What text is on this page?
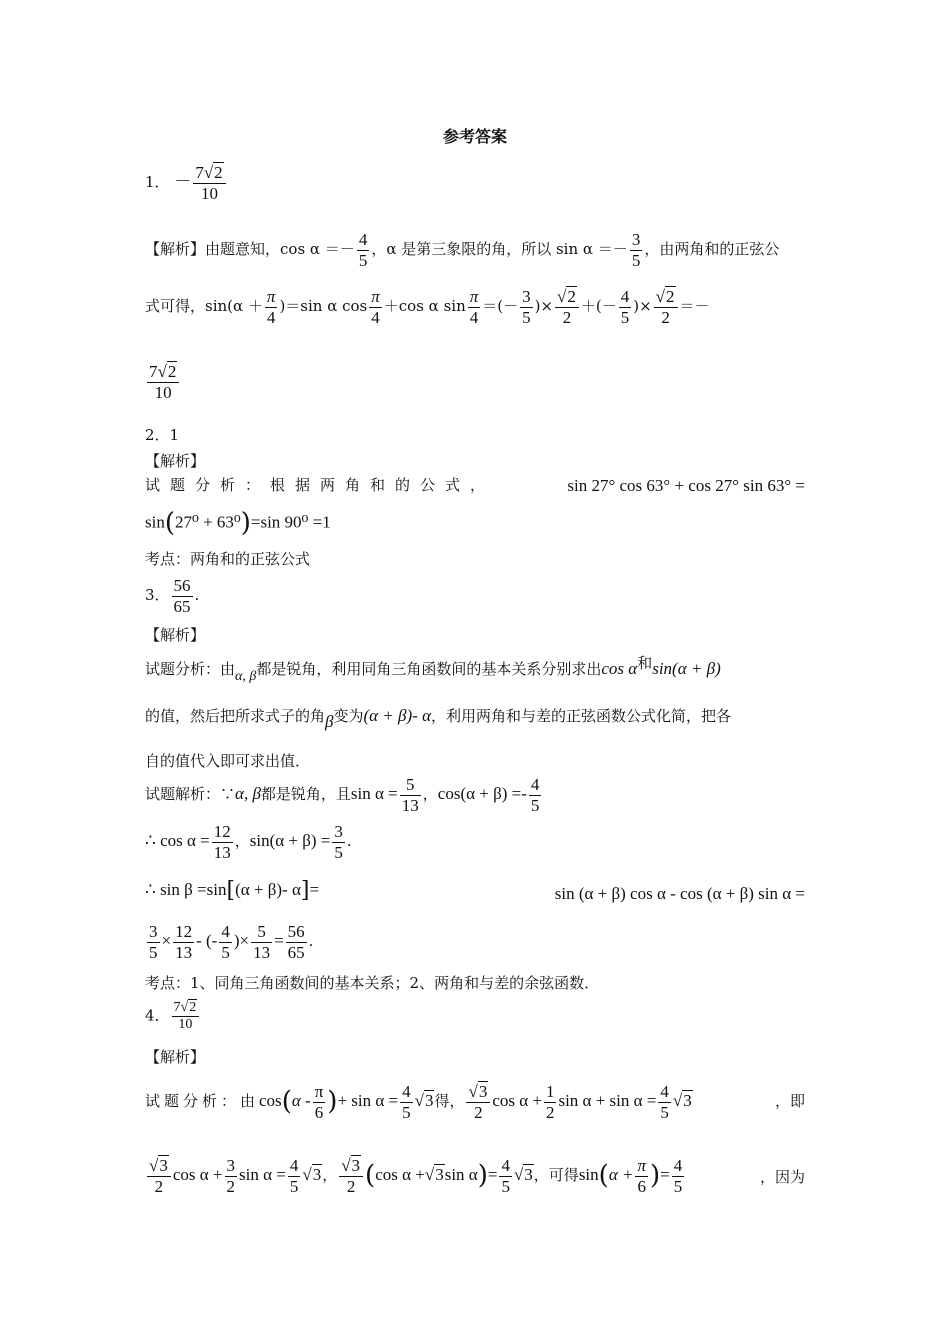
参考答案
1． － $\frac{7√2}{10}$
【解析】由题意知，$\cos \alpha =- \frac{4}{5}$ ，α 是第三象限的角，所以 $\sin \alpha =- \frac{3}{5}$ ，由两角和的正弦公
式可得，$\sin(\alpha + \frac{\pi}{4} )=\sin$ α $\cos \frac{\pi}{4} +\cos$ α $\sin \frac{\pi}{4}$ ＝(－ $\frac{3}{5}$ )× $\frac{√2}{2}$ ＋(－ $\frac{4}{5}$ )× $\frac{√2}{2}$ ＝－
$\frac{7√2}{10}$
2．1
【解析】
试题分析：根据两角和的公式，	sin 27° cos 63° + cos 27° sin 63° =
sin(27⁰ + 63⁰)=sin 90⁰ =1
考点：两角和的正弦公式
3． $\frac{56}{65}$ .
【解析】
试题分析：由α, β都是锐角，利用同角三角函数间的基本关系分别求出cos α和sin(α + β)
的值，然后把所求式子的角β变为(α + β)- α，利用两角和与差的正弦函数公式化简，把各
自的值代入即可求出值．
试题解析：∵α, β都是锐角，且$\sin \alpha = \frac{5}{13}$ ，$\cos(\alpha + \beta) =- \frac{4}{5}$
∴ $\cos \alpha = \frac{12}{13}$ ，$\sin(\alpha + \beta) = \frac{3}{5}$ .
∴ sin β =sin[(α + β)- α]=	sin (α + β) cos α - cos (α + β) sin α =
$\frac{3}{5} \times \frac{12}{13}$ - (- $\frac{4}{5}$ )× $\frac{5}{13} = \frac{56}{65}$ .
考点：1、同角三角函数间的基本关系；2、两角和与差的余弦函数．
4． $\frac{7√2}{10}$
【解析】
试题分析：由$\cos(\alpha - \frac{\pi}{6}$ )+ $\sin \alpha = \frac{4}{5} √3$得， $\frac{√3}{2}$ $\cos \alpha + \frac{1}{2}$ $\sin \alpha + \sin \alpha = \frac{4}{5} √3$	，即
$\frac{√3}{2}$ $\cos \alpha + \frac{3}{2}$ $\sin \alpha = \frac{4}{5} √3$， $\frac{√3}{2} (\cos$ α +√3sin $\alpha)= \frac{4}{5} √3$，可得$\sin(\alpha + \frac{\pi}{6}$ )= $\frac{4}{5}$	，因为
